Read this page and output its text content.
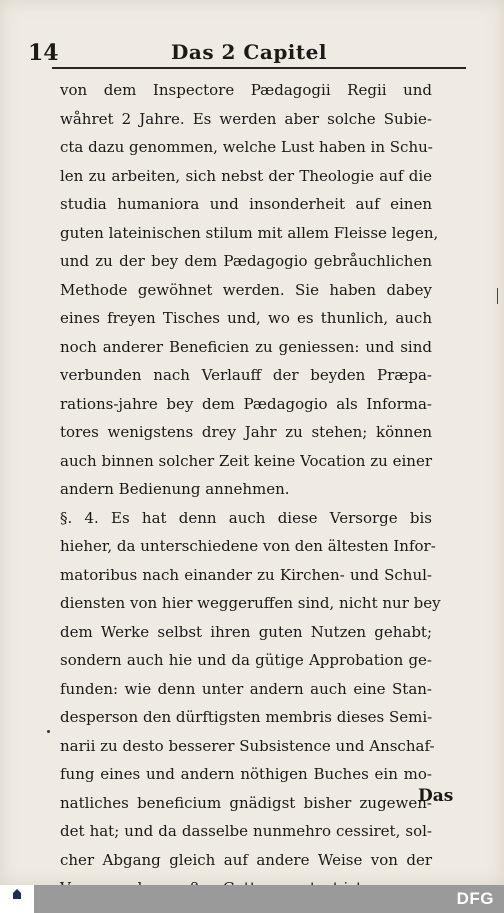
14	Das 2 Capitel
von dem Inspectore Pædagogii Regii und
wåhret 2 Jahre. Es werden aber solche Subie-
cta dazu genommen, welche Lust haben in Schu-
len zu arbeiten, sich nebst der Theologie auf die
studia humaniora und insonderheit auf einen
guten lateinischen stilum mit allem Fleisse legen,
und zu der bey dem Pædagogio gebråuchlichen
Methode gewöhnet werden. Sie haben dabey
eines freyen Tisches und, wo es thunlich, auch
noch anderer Beneficien zu geniessen: und sind
verbunden nach Verlauff der beyden Præpa-
rations-jahre bey dem Pædagogio als Informa-
tores wenigstens drey Jahr zu stehen; können
auch binnen solcher Zeit keine Vocation zu einer
andern Bedienung annehmen.
§. 4. Es hat denn auch diese Versorge bis
hieher, da unterschiedene von den ältesten Infor-
matoribus nach einander zu Kirchen- und Schul-
diensten von hier weggeruffen sind, nicht nur bey
dem Werke selbst ihren guten Nutzen gehabt;
sondern auch hie und da gütige Approbation ge-
funden: wie denn unter andern auch eine Stan-
desperson den dürftigsten membris dieses Semi-
narii zu desto besserer Subsistence und Anschaf-
fung eines und andern nöthigen Buches ein mo-
natliches beneficium gnädigst bisher zugewen-
det hat; und da dasselbe nunmehro cessiret, sol-
cher Abgang gleich auf andere Weise von der
Das
DFG
